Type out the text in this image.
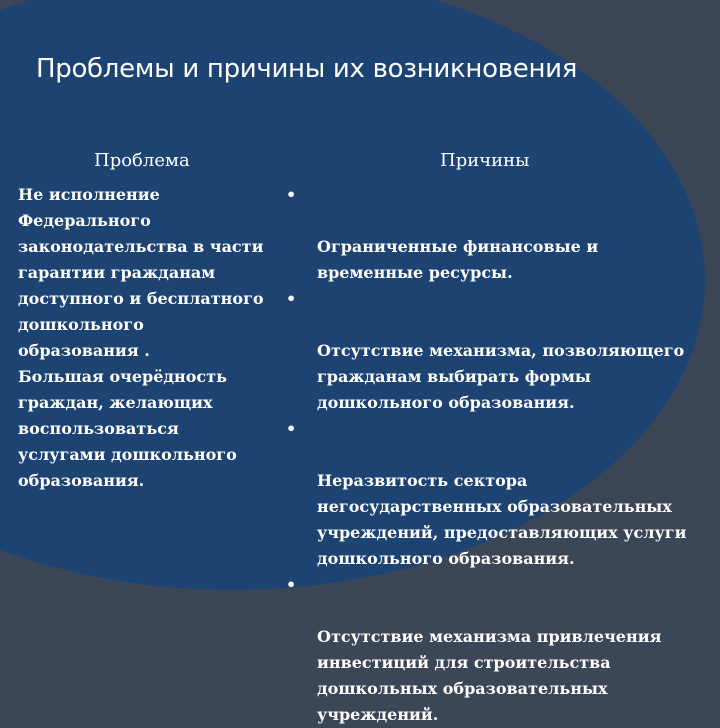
Проблемы и причины их возникновения
Проблема	Причины
Не исполнение
Федерального
законодательства в части
гарантии гражданам
доступного и бесплатного
дошкольного
образования .
Большая очерёдность
граждан, желающих
воспользоваться
услугами дошкольного
образования.

•

Ограниченные финансовые и
временные ресурсы.

•

Отсутствие механизма, позволяющего
гражданам выбирать формы
дошкольного образования.

•

Неразвитость сектора
негосударственных образовательных
учреждений, предоставляющих услуги
дошкольного образования.

•

Отсутствие механизма привлечения
инвестиций для строительства
дошкольных образовательных
учреждений.
